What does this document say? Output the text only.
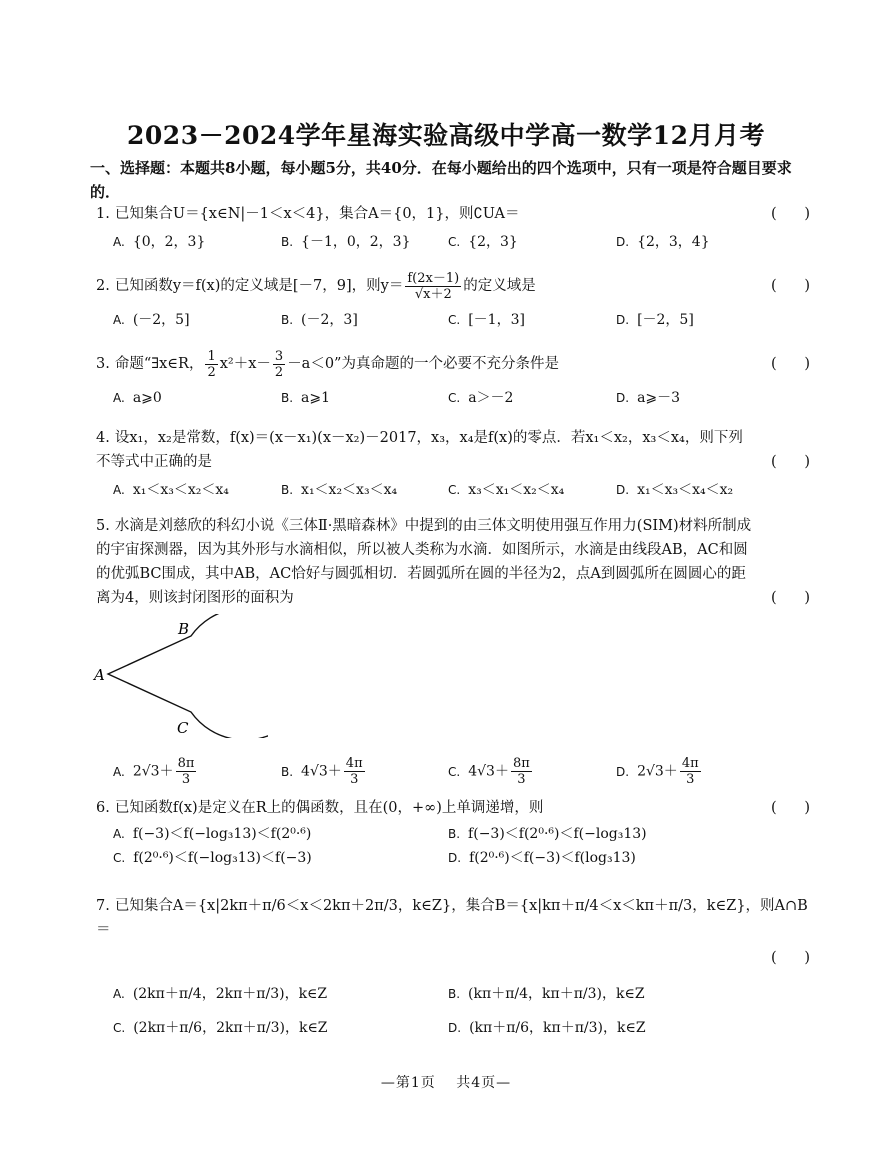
2023－2024学年星海实验高级中学高一数学12月月考
一、选择题：本题共8小题，每小题5分，共40分．在每小题给出的四个选项中，只有一项是符合题目要求的．
1. 已知集合U＝{x∈N|－1＜x＜4}，集合A＝{0，1}，则∁UA＝	(      )
A. {0，2，3}	B. {－1，0，2，3}	C. {2，3}	D. {2，3，4}
2. 已知函数y＝f(x)的定义域是[－7，9]，则$y= \frac{f(2x-1)}{√x+2}$ 的定义域是	(      )
A. (－2，5]	B. (－2，3]	C. [－1，3]	D. [－2，5]
3. 命题“∃x∈R， $\frac{1}{2} x^2+x- \frac{3}{2} -a<0$”为真命题的一个必要不充分条件是	(      )
A. a⩾0	B. a⩾1	C. a＞－2	D. a⩾－3
4. 设x₁，x₂是常数，f(x)＝(x－x₁)(x－x₂)－2017，x₃，x₄是f(x)的零点．若x₁＜x₂，x₃＜x₄，则下列不等式中正确的是	(      )
A. x₁＜x₃＜x₂＜x₄	B. x₁＜x₂＜x₃＜x₄	C. x₃＜x₁＜x₂＜x₄	D. x₁＜x₃＜x₄＜x₂
5. 水滴是刘慈欣的科幻小说《三体Ⅱ·黑暗森林》中提到的由三体文明使用强互作用力(SIM)材料所制成的宇宙探测器，因为其外形与水滴相似，所以被人类称为水滴．如图所示，水滴是由线段AB，AC和圆的优弧BC围成，其中AB，AC恰好与圆弧相切．若圆弧所在圆的半径为2，点A到圆弧所在圆圆心的距离为4，则该封闭图形的面积为	(      )
A
B
C
A. $2√3+ \frac{8\pi}{3}$	B. $4√3+ \frac{4\pi}{3}$	C. $4√3+ \frac{8\pi}{3}$	D. $2√3+ \frac{4\pi}{3}$
6. 已知函数f(x)是定义在R上的偶函数，且在(0，+∞)上单调递增，则	(      )
A. f(−3)＜f(−log₃13)＜f(2⁰·⁶)	B. f(−3)＜f(2⁰·⁶)＜f(−log₃13)
C. f(2⁰·⁶)＜f(−log₃13)＜f(−3)	D. f(2⁰·⁶)＜f(−3)＜f(log₃13)
7. 已知集合A＝{x|2kπ＋π/6＜x＜2kπ＋2π/3，k∈Z}，集合B＝{x|kπ＋π/4＜x＜kπ＋π/3，k∈Z}，则A∩B＝
(      )
A. (2kπ＋π/4，2kπ＋π/3)，k∈Z	B. (kπ＋π/4，kπ＋π/3)，k∈Z
C. (2kπ＋π/6，2kπ＋π/3)，k∈Z	D. (kπ＋π/6，kπ＋π/3)，k∈Z
—第1页　 共4页—
